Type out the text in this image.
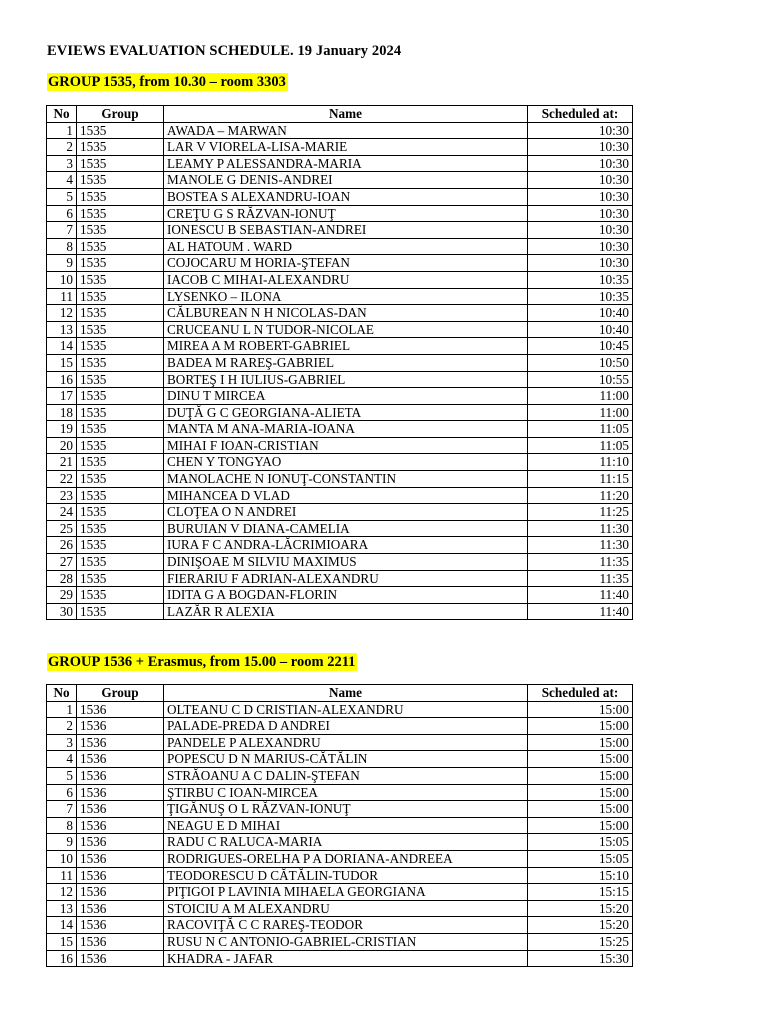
EVIEWS EVALUATION SCHEDULE. 19 January 2024
GROUP 1535, from 10.30 – room 3303
No	Group	Name	Scheduled at:
1	1535	AWADA – MARWAN	10:30
2	1535	LAR V VIORELA-LISA-MARIE	10:30
3	1535	LEAMY P ALESSANDRA-MARIA	10:30
4	1535	MANOLE G DENIS-ANDREI	10:30
5	1535	BOSTEA S ALEXANDRU-IOAN	10:30
6	1535	CREŢU G S RĂZVAN-IONUŢ	10:30
7	1535	IONESCU B SEBASTIAN-ANDREI	10:30
8	1535	AL HATOUM . WARD	10:30
9	1535	COJOCARU M HORIA-ŞTEFAN	10:30
10	1535	IACOB C MIHAI-ALEXANDRU	10:35
11	1535	LYSENKO – ILONA	10:35
12	1535	CĂLBUREAN N H NICOLAS-DAN	10:40
13	1535	CRUCEANU L N TUDOR-NICOLAE	10:40
14	1535	MIREA A M ROBERT-GABRIEL	10:45
15	1535	BADEA M RAREŞ-GABRIEL	10:50
16	1535	BORTEŞ I H IULIUS-GABRIEL	10:55
17	1535	DINU T MIRCEA	11:00
18	1535	DUŢĂ G C GEORGIANA-ALIETA	11:00
19	1535	MANTA M ANA-MARIA-IOANA	11:05
20	1535	MIHAI F IOAN-CRISTIAN	11:05
21	1535	CHEN Y TONGYAO	11:10
22	1535	MANOLACHE N IONUŢ-CONSTANTIN	11:15
23	1535	MIHANCEA D VLAD	11:20
24	1535	CLOŢEA O N ANDREI	11:25
25	1535	BURUIAN V DIANA-CAMELIA	11:30
26	1535	IURA F C ANDRA-LĂCRIMIOARA	11:30
27	1535	DINIŞOAE M SILVIU MAXIMUS	11:35
28	1535	FIERARIU F ADRIAN-ALEXANDRU	11:35
29	1535	IDITA G A BOGDAN-FLORIN	11:40
30	1535	LAZĂR R ALEXIA	11:40
GROUP 1536 + Erasmus, from 15.00 – room 2211
No	Group	Name	Scheduled at:
1	1536	OLTEANU C D CRISTIAN-ALEXANDRU	15:00
2	1536	PALADE-PREDA D ANDREI	15:00
3	1536	PANDELE P ALEXANDRU	15:00
4	1536	POPESCU D N MARIUS-CĂTĂLIN	15:00
5	1536	STRĂOANU A C DALIN-ŞTEFAN	15:00
6	1536	ŞTIRBU C IOAN-MIRCEA	15:00
7	1536	ŢIGĂNUŞ O L RĂZVAN-IONUŢ	15:00
8	1536	NEAGU E D MIHAI	15:00
9	1536	RADU C RALUCA-MARIA	15:05
10	1536	RODRIGUES-ORELHA P A DORIANA-ANDREEA	15:05
11	1536	TEODORESCU D CĂTĂLIN-TUDOR	15:10
12	1536	PIŢIGOI P LAVINIA MIHAELA GEORGIANA	15:15
13	1536	STOICIU A M ALEXANDRU	15:20
14	1536	RACOVIŢĂ C C RAREŞ-TEODOR	15:20
15	1536	RUSU N C ANTONIO-GABRIEL-CRISTIAN	15:25
16	1536	KHADRA - JAFAR	15:30
